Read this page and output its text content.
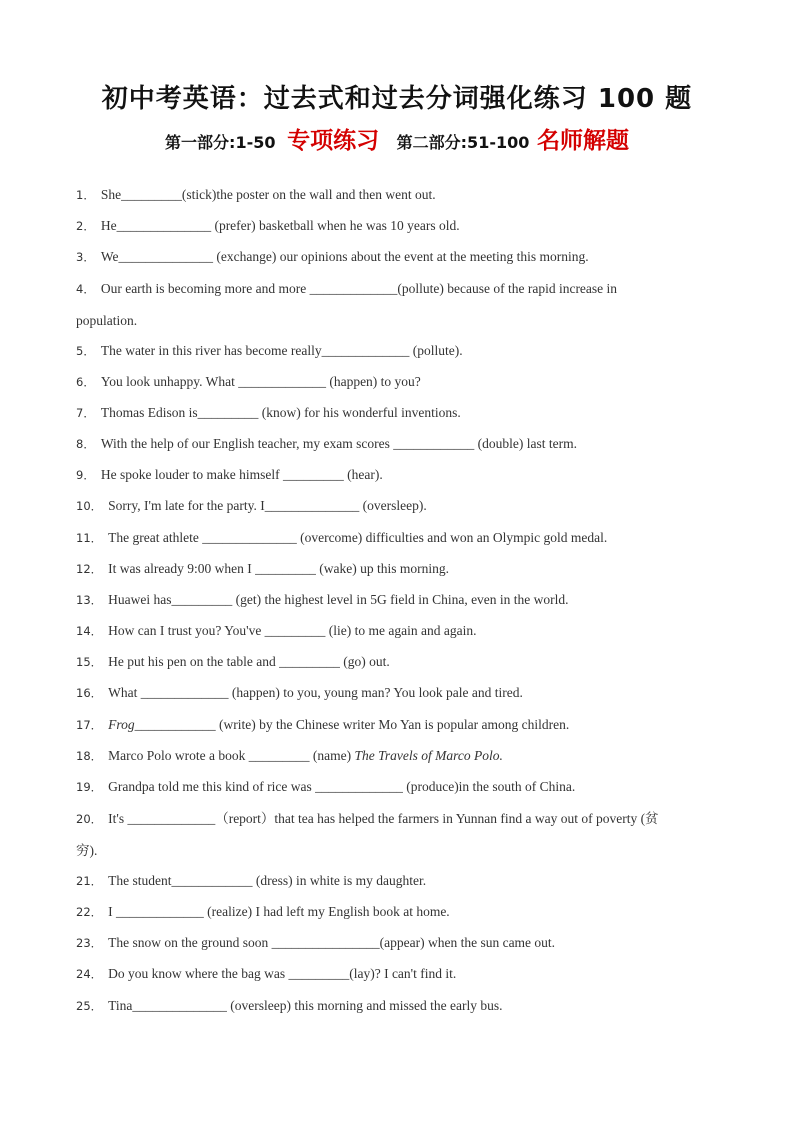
初中考英语：过去式和过去分词强化练习 100 题
第一部分:1-50 专项练习 第二部分:51-100 名师解题
1． She_________(stick)the poster on the wall and then went out.
2． He______________ (prefer) basketball when he was 10 years old.
3． We______________ (exchange) our opinions about the event at the meeting this morning.
4． Our earth is becoming more and more _____________(pollute) because of the rapid increase in
population.
5． The water in this river has become really_____________ (pollute).
6． You look unhappy. What _____________ (happen) to you?
7． Thomas Edison is_________ (know) for his wonderful inventions.
8． With the help of our English teacher, my exam scores ____________ (double) last term.
9． He spoke louder to make himself _________ (hear).
10． Sorry, I'm late for the party. I______________ (oversleep).
11． The great athlete ______________ (overcome) difficulties and won an Olympic gold medal.
12． It was already 9:00 when I _________ (wake) up this morning.
13． Huawei has_________ (get) the highest level in 5G field in China, even in the world.
14． How can I trust you? You've _________ (lie) to me again and again.
15． He put his pen on the table and _________ (go) out.
16． What _____________ (happen) to you, young man? You look pale and tired.
17． Frog____________ (write) by the Chinese writer Mo Yan is popular among children.
18． Marco Polo wrote a book _________ (name) The Travels of Marco Polo.
19． Grandpa told me this kind of rice was _____________ (produce)in the south of China.
20． It's _____________（report）that tea has helped the farmers in Yunnan find a way out of poverty (贫
穷).
21． The student____________ (dress) in white is my daughter.
22． I _____________ (realize) I had left my English book at home.
23． The snow on the ground soon ________________(appear) when the sun came out.
24． Do you know where the bag was _________(lay)? I can't find it.
25． Tina______________ (oversleep) this morning and missed the early bus.
